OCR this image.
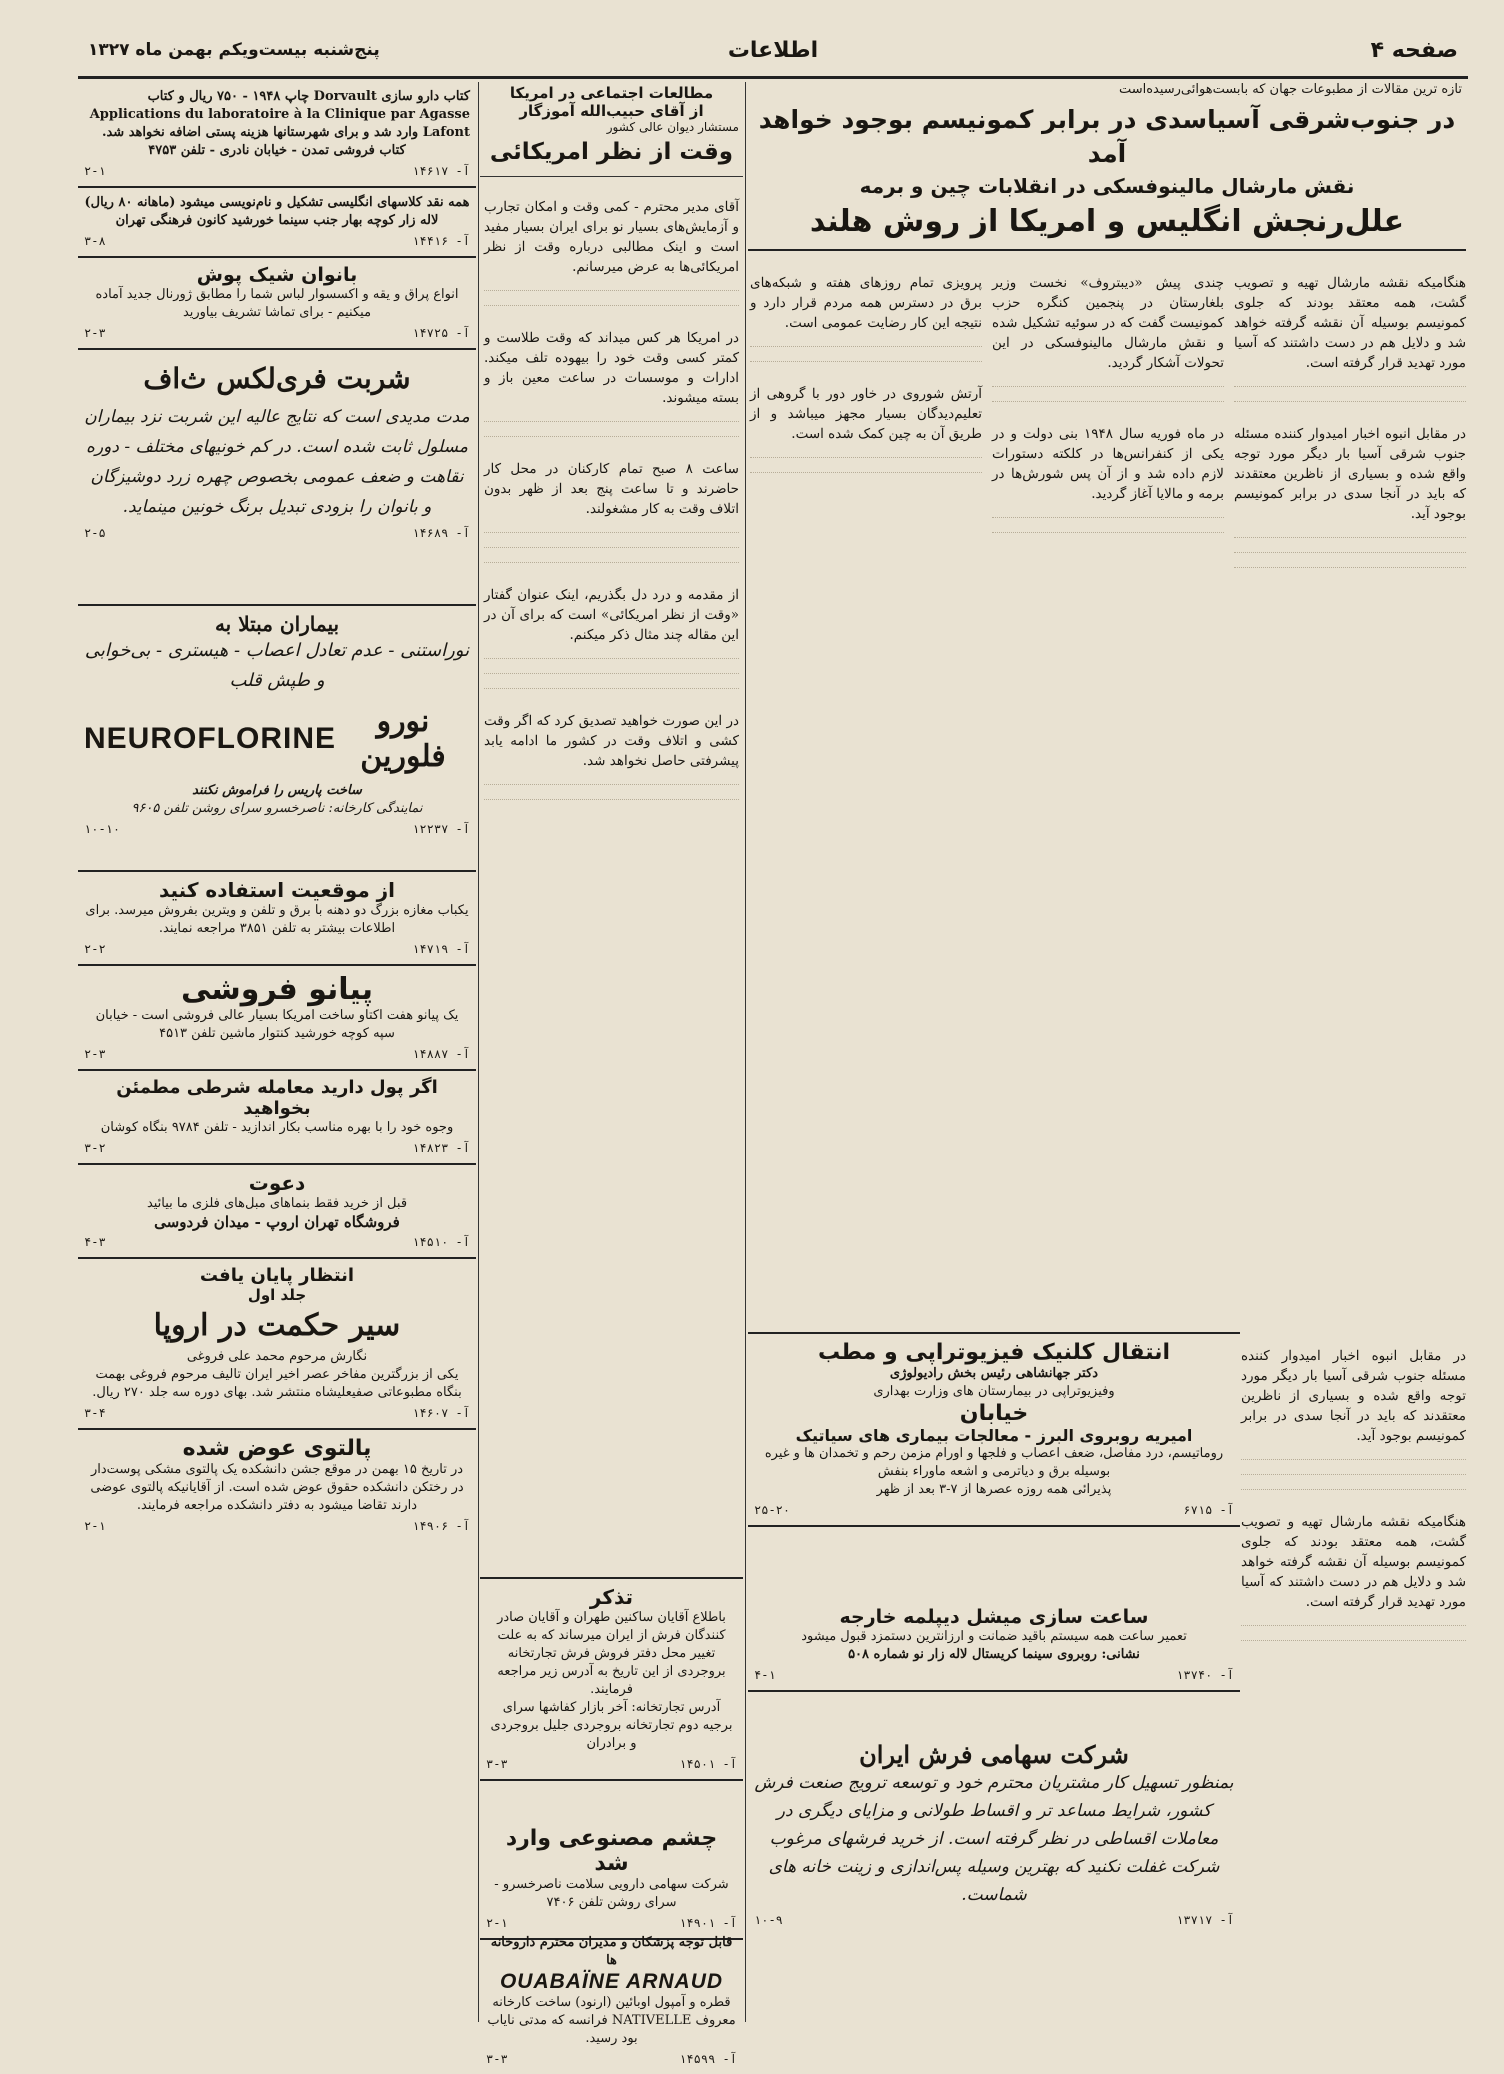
صفحه ۴
اطلاعات
پنج‌شنبه بیست‌ویکم بهمن ماه ۱۳۲۷
تازه ترین مقالات از مطبوعات جهان که بابست‌هوائی‌رسیده‌است
در جنوب‌شرقی آسیا‌سدی در برابر کمونیسم بوجود خواهد آمد
نقش مارشال مالینوفسکی در انقلابات چین و برمه
علل‌رنجش انگلیس و امریکا از روش هلند

هنگامیکه نقشه مارشال تهیه و تصویب گشت، همه معتقد بودند که جلوی کمونیسم بوسیله آن نقشه گرفته خواهد شد و دلایل هم در دست داشتند که آسیا مورد تهدید قرار گرفته است.

در مقابل انبوه اخبار امیدوار کننده مسئله جنوب شرقی آسیا بار دیگر مورد توجه واقع شده و بسیاری از ناظرین معتقدند که باید در آنجا سدی در برابر کمونیسم بوجود آید.

چندی پیش «دیبتروف» نخست وزیر بلغارستان در پنجمین کنگره حزب کمونیست گفت که در سوئیه تشکیل شده و نقش مارشال مالینوفسکی در این تحولات آشکار گردید.

در ماه فوریه سال ۱۹۴۸ بنی دولت و در یکی از کنفرانس‌ها در کلکته دستورات لازم داده شد و از آن پس شورش‌ها در برمه و مالایا آغاز گردید.

پرویزی تمام روزهای هفته و شبکه‌های برق در دسترس همه مردم قرار دارد و نتیجه این کار رضایت عمومی است.

آرتش شوروی در خاور دور با گروهی از تعلیم‌دیدگان بسیار مجهز میباشد و از طریق آن به چین کمک شده است.

انتقال کلنیک فیزیوتراپی و مطب
دکتر جهانشاهی رئیس بخش رادیولوژی
وفیزیوتراپی در بیمارستان های وزارت بهداری
خیابان
امیریه روبروی البرز - معالجات بیماری های سیاتیک
روماتیسم، درد مفاصل، ضعف اعصاب و فلجها و اورام مزمن رحم و تخمدان ها و غیره بوسیله برق و دیاترمی و اشعه ماوراء بنفش
پذیرائی همه روزه عصرها از ۷-۳ بعد از ظهر
۲۵-۲۰	آ- ۶۷۱۵
ساعت سازی میشل دیپلمه خارجه
تعمیر ساعت همه سیستم باقید ضمانت و ارزانترین دستمزد قبول میشود
نشانی: روبروی سینما کریستال لاله زار نو شماره ۵۰۸
۴-۱	آ- ۱۳۷۴۰
شرکت سهامی فرش ایران
بمنظور تسهیل کار مشتریان محترم خود و توسعه ترویج صنعت فرش کشور، شرایط مساعد تر و اقساط طولانی و مزایای دیگری در معاملات اقساطی در نظر گرفته است. از خرید فرشهای مرغوب شرکت غفلت نکنید که بهترین وسیله پس‌اندازی و زینت خانه های شماست.
۱۰-۹	آ- ۱۳۷۱۷

در مقابل انبوه اخبار امیدوار کننده مسئله جنوب شرقی آسیا بار دیگر مورد توجه واقع شده و بسیاری از ناظرین معتقدند که باید در آنجا سدی در برابر کمونیسم بوجود آید.

هنگامیکه نقشه مارشال تهیه و تصویب گشت، همه معتقد بودند که جلوی کمونیسم بوسیله آن نقشه گرفته خواهد شد و دلایل هم در دست داشتند که آسیا مورد تهدید قرار گرفته است.

مطالعات اجتماعی در امریکا
از آقای حبیب‌الله آموزگار
مستشار دیوان عالی کشور
وقت از نظر امریکائی

آقای مدیر محترم - کمی وقت و امکان تجارب و آزمایش‌های بسیار نو برای ایران بسیار مفید است و اینک مطالبی درباره وقت از نظر امریکائی‌ها به عرض میرسانم.

در امریکا هر کس میداند که وقت طلاست و کمتر کسی وقت خود را بیهوده تلف میکند. ادارات و موسسات در ساعت معین باز و بسته میشوند.

ساعت ۸ صبح تمام کارکنان در محل کار حاضرند و تا ساعت پنج بعد از ظهر بدون اتلاف وقت به کار مشغولند.

از مقدمه و درد دل بگذریم، اینک عنوان گفتار «وقت از نظر امریکائی» است که برای آن در این مقاله چند مثال ذکر میکنم.

در این صورت خواهید تصدیق کرد که اگر وقت کشی و اتلاف وقت در کشور ما ادامه یابد پیشرفتی حاصل نخواهد شد.

تذکر
باطلاع آقایان ساکنین طهران و آقایان صادر کنندگان فرش از ایران میرساند که به علت تغییر محل دفتر فروش فرش تجارتخانه بروجردی از این تاریخ به آدرس زیر مراجعه فرمایند.
آدرس تجارتخانه: آخر بازار کفاشها سرای برجیه دوم تجارتخانه بروجردی جلیل بروجردی و برادران
۳-۳	آ- ۱۴۵۰۱
چشم مصنوعی وارد شد
شرکت سهامی دارویی سلامت ناصرخسرو - سرای روشن تلفن ۷۴۰۶
۲-۱	آ- ۱۴۹۰۱
قابل توجه پزشکان و مدیران محترم داروخانه ها
OUABAÏNE ARNAUD
قطره و آمپول اوبائین (ارنود) ساخت کارخانه معروف NATIVELLE فرانسه که مدتی نایاب بود رسید.
۳-۳	آ- ۱۴۵۹۹
کتاب دارو سازی Dorvault چاپ ۱۹۴۸ - ۷۵۰ ریال و کتاب Applications du laboratoire à la Clinique par Agasse Lafont وارد شد و برای شهرستانها هزینه پستی اضافه نخواهد شد.
کتاب فروشی تمدن - خیابان نادری - تلفن ۴۷۵۳
۲-۱	آ- ۱۴۶۱۷
همه نقد کلاسهای انگلیسی تشکیل و نام‌نویسی میشود (ماهانه ۸۰ ریال) لاله زار کوچه بهار جنب سینما خورشید کانون فرهنگی تهران
۳-۸	آ- ۱۴۴۱۶
بانوان شیک پوش
انواع پراق و یقه و اکسسوار لباس شما را مطابق ژورنال جدید آماده میکنیم - برای تماشا تشریف بیاورید
۲-۳	آ- ۱۴۷۲۵
شربت فری‌لکس ث‌اف
مدت مدیدی است که نتایج عالیه این شربت نزد بیماران مسلول ثابت شده است. در کم خونیهای مختلف - دوره نقاهت و ضعف عمومی بخصوص چهره زرد دوشیزگان و بانوان را بزودی تبدیل برنگ خونین مینماید.
۲-۵	آ- ۱۴۶۸۹
بیماران مبتلا به
نوراستنی - عدم تعادل اعصاب - هیستری - بی‌خوابی و طپش قلب
NEUROFLORINE	نورو فلورین
ساخت پاریس را فراموش نکنند
نمایندگی کارخانه: ناصرخسرو سرای روشن تلفن ۹۶۰۵
۱۰-۱۰	آ- ۱۲۲۳۷
از موقعیت استفاده کنید
یکباب مغازه بزرگ دو دهنه با برق و تلفن و ویترین بفروش میرسد. برای اطلاعات بیشتر به تلفن ۳۸۵۱ مراجعه نمایند.
۲-۲	آ- ۱۴۷۱۹
پیانو فروشی
یک پیانو هفت اکتاو ساخت امریکا بسیار عالی فروشی است - خیابان سپه کوچه خورشید کنتوار ماشین تلفن ۴۵۱۳
۲-۳	آ- ۱۴۸۸۷
اگر پول دارید معامله شرطی مطمئن بخواهید
وجوه خود را با بهره مناسب بکار اندازید - تلفن ۹۷۸۴ بنگاه کوشان
۳-۲	آ- ۱۴۸۲۳
دعوت
قبل از خرید فقط بنماهای مبل‌های فلزی ما بیائید
فروشگاه تهران اروپ - میدان فردوسی
۴-۳	آ- ۱۴۵۱۰
انتظار پایان یافت
جلد اول
سیر حکمت در اروپا
نگارش مرحوم محمد علی فروغی
یکی از بزرگترین مفاخر عصر اخیر ایران تالیف مرحوم فروغی بهمت بنگاه مطبوعاتی صفیعلیشاه منتشر شد. بهای دوره سه جلد ۲۷۰ ریال.
۳-۴	آ- ۱۴۶۰۷
پالتوی عوض شده
در تاریخ ۱۵ بهمن در موقع جشن دانشکده یک پالتوی مشکی پوست‌دار در رختکن دانشکده حقوق عوض شده است. از آقایانیکه پالتوی عوضی دارند تقاضا میشود به دفتر دانشکده مراجعه فرمایند.
۲-۱	آ- ۱۴۹۰۶
